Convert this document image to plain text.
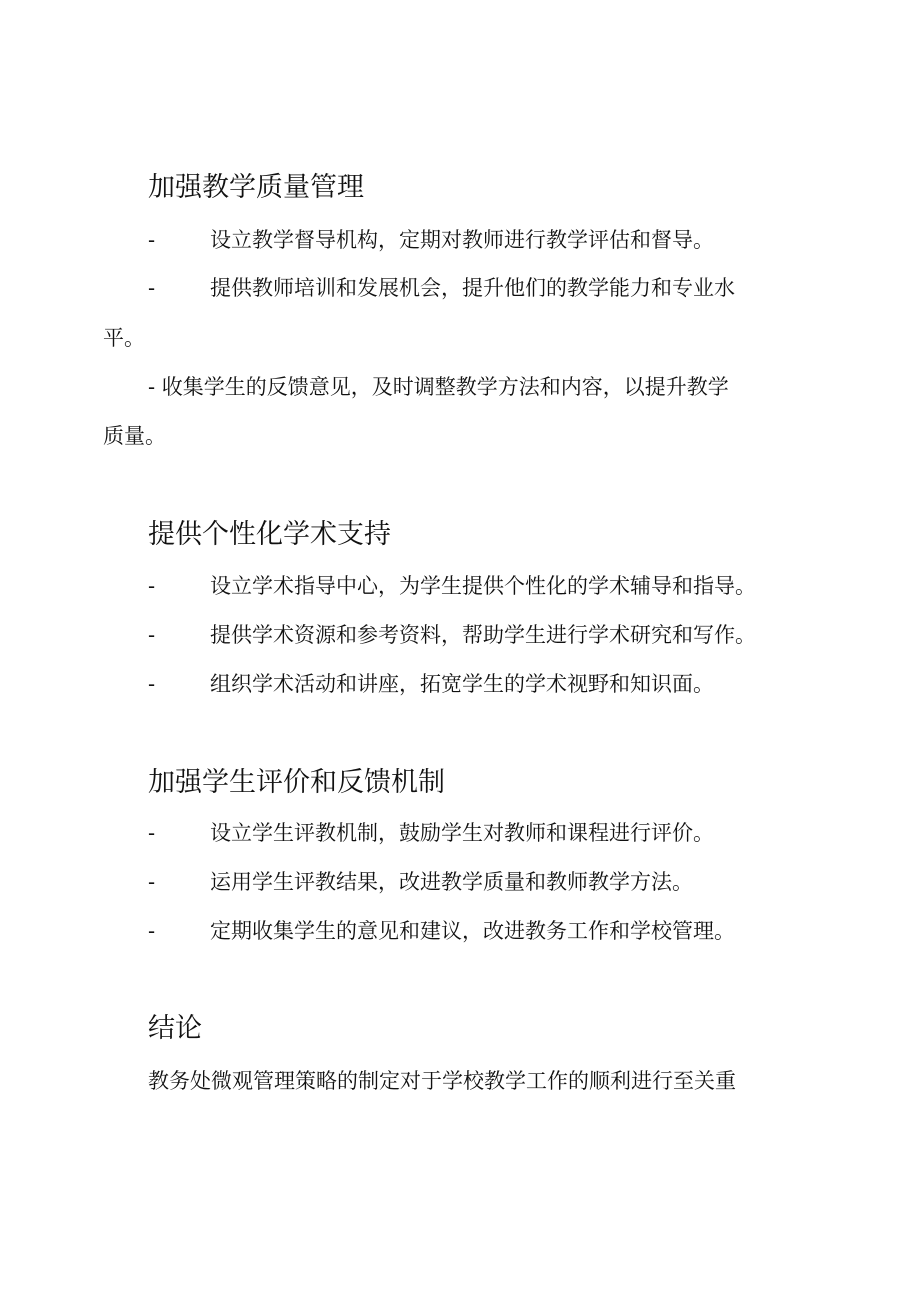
加强教学质量管理
-	设立教学督导机构，定期对教师进行教学评估和督导。
-	提供教师培训和发展机会，提升他们的教学能力和专业水
平。
- 收集学生的反馈意见，及时调整教学方法和内容，以提升教学
质量。
提供个性化学术支持
-	设立学术指导中心，为学生提供个性化的学术辅导和指导。
-	提供学术资源和参考资料，帮助学生进行学术研究和写作。
-	组织学术活动和讲座，拓宽学生的学术视野和知识面。
加强学生评价和反馈机制
-	设立学生评教机制，鼓励学生对教师和课程进行评价。
-	运用学生评教结果，改进教学质量和教师教学方法。
-	定期收集学生的意见和建议，改进教务工作和学校管理。
结论
教务处微观管理策略的制定对于学校教学工作的顺利进行至关重
